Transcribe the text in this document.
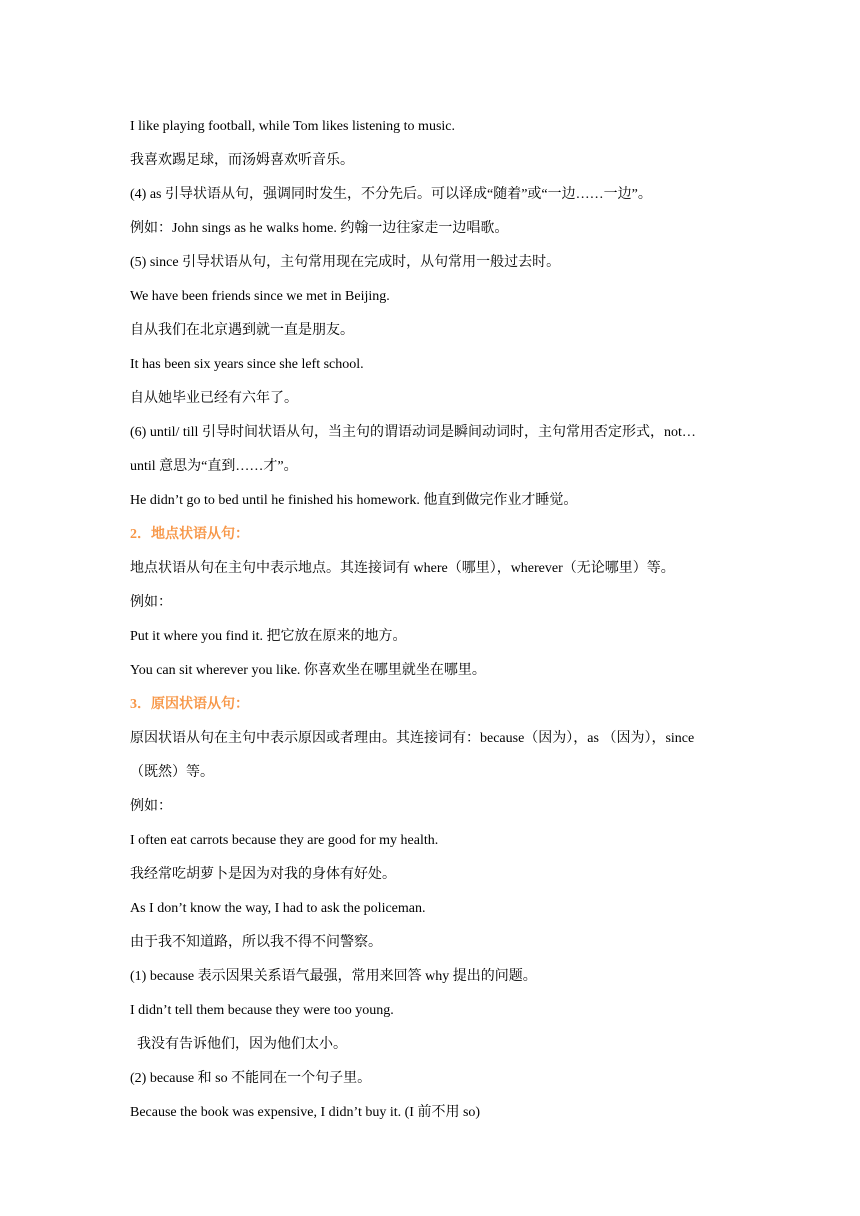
I like playing football, while Tom likes listening to music.
我喜欢踢足球，而汤姆喜欢听音乐。
(4) as 引导状语从句，强调同时发生，不分先后。可以译成“随着”或“一边……一边”。
例如：John sings as he walks home. 约翰一边往家走一边唱歌。
(5) since 引导状语从句，主句常用现在完成时，从句常用一般过去时。
We have been friends since we met in Beijing.
自从我们在北京遇到就一直是朋友。
It has been six years since she left school.
自从她毕业已经有六年了。
(6) until/ till 引导时间状语从句，当主句的谓语动词是瞬间动词时，主句常用否定形式，not…
until 意思为“直到……才”。
He didn’t go to bed until he finished his homework. 他直到做完作业才睡觉。
2．地点状语从句：
地点状语从句在主句中表示地点。其连接词有 where（哪里），wherever（无论哪里）等。
例如：
Put it where you find it. 把它放在原来的地方。
You can sit wherever you like. 你喜欢坐在哪里就坐在哪里。
3．原因状语从句：
原因状语从句在主句中表示原因或者理由。其连接词有：because（因为），as （因为），since
（既然）等。
例如：
I often eat carrots because they are good for my health.
我经常吃胡萝卜是因为对我的身体有好处。
As I don’t know the way, I had to ask the policeman.
由于我不知道路，所以我不得不问警察。
(1) because 表示因果关系语气最强，常用来回答 why 提出的问题。
I didn’t tell them because they were too young.
我没有告诉他们，因为他们太小。
(2) because 和 so 不能同在一个句子里。
Because the book was expensive, I didn’t buy it. (I 前不用 so)
